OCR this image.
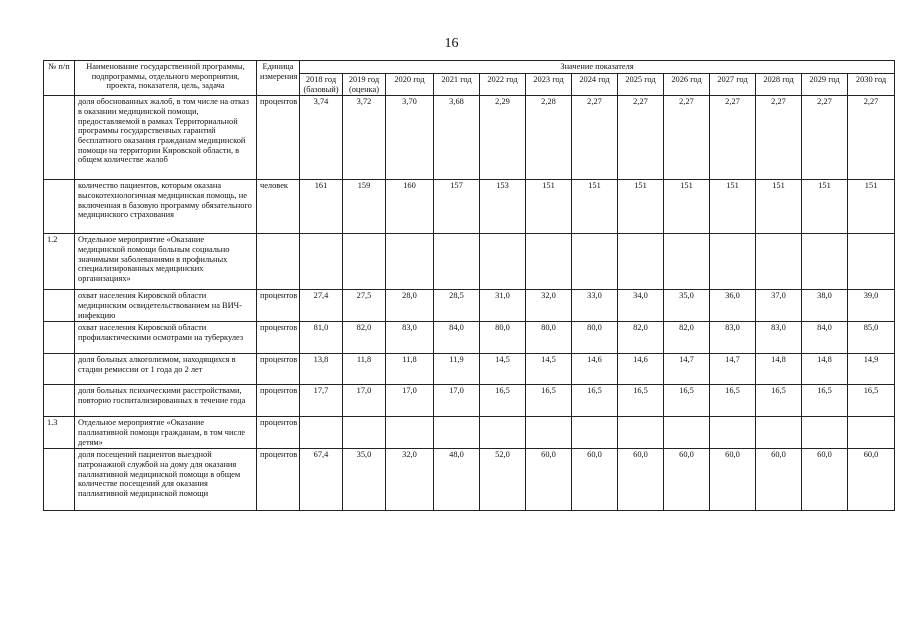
16
№ п/п	Наименование государственной программы, подпрограммы, отдельного мероприятия, проекта, показателя, цель, задача	Единица измерения	Значение показателя												
			2018 год (базовый)	2019 год (оценка)	2020 год	2021 год	2022 год	2023 год	2024 год	2025 год	2026 год	2027 год	2028 год	2029 год	2030 год
	доля обоснованных жалоб, в том числе на отказ в оказании медицинской помощи, предоставляемой в рамках Территориальной программы государственных гарантий бесплатного оказания гражданам медицинской помощи на территории Кировской области, в общем количестве жалоб	процентов	3,74	3,72	3,70	3,68	2,29	2,28	2,27	2,27	2,27	2,27	2,27	2,27	2,27
	количество пациентов, которым оказана высокотехнологичная медицинская помощь, не включенная в базовую программу обязательного медицинского страхования	человек	161	159	160	157	153	151	151	151	151	151	151	151	151
1.2	Отдельное мероприятие «Оказание медицинской помощи больным социально значимыми заболеваниями в профильных специализированных медицинских организациях»														
	охват населения Кировской области медицинским освидетельствованием на ВИЧ-инфекцию	процентов	27,4	27,5	28,0	28,5	31,0	32,0	33,0	34,0	35,0	36,0	37,0	38,0	39,0
	охват населения Кировской области профилактическими осмотрами на туберкулез	процентов	81,0	82,0	83,0	84,0	80,0	80,0	80,0	82,0	82,0	83,0	83,0	84,0	85,0
	доля больных алкоголизмом, находящихся в стадии ремиссии от 1 года до 2 лет	процентов	13,8	11,8	11,8	11,9	14,5	14,5	14,6	14,6	14,7	14,7	14,8	14,8	14,9
	доля больных психическими расстройствами, повторно госпитализированных в течение года	процентов	17,7	17,0	17,0	17,0	16,5	16,5	16,5	16,5	16,5	16,5	16,5	16,5	16,5
1.3	Отдельное мероприятие «Оказание паллиативной помощи гражданам, в том числе детям»	процентов													
	доля посещений пациентов выездной патронажной службой на дому для оказания паллиативной медицинской помощи в общем количестве посещений для оказания паллиативной медицинской помощи	процентов	67,4	35,0	32,0	48,0	52,0	60,0	60,0	60,0	60,0	60,0	60,0	60,0	60,0
